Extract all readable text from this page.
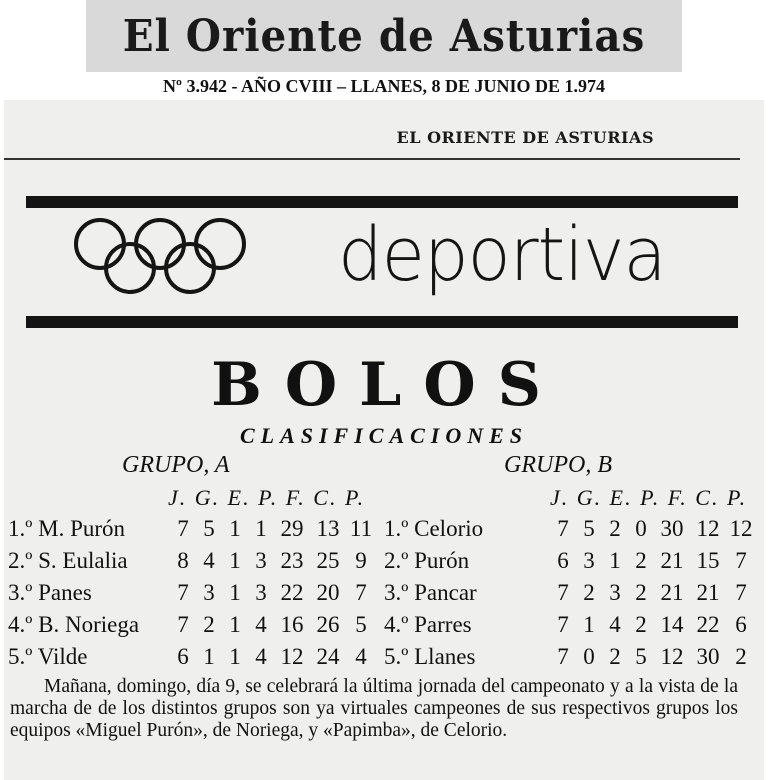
El Oriente de Asturias
Nº 3.942 - AÑO CVIII – LLANES, 8 DE JUNIO DE 1.974
EL ORIENTE DE ASTURIAS
deportiva
BOLOS
CLASIFICACIONES
GRUPO, A	GRUPO, B
J. G. E. P. F. C. P.	J. G. E. P. F. C. P.
1.º M. Purón	7 5 1 1 29 13 11
2.º S. Eulalia	8 4 1 3 23 25 9
3.º Panes	7 3 1 3 22 20 7
4.º B. Noriega	7 2 1 4 16 26 5
5.º Vilde	6 1 1 4 12 24 4
1.º Celorio	7 5 2 0 30 12 12
2.º Purón	6 3 1 2 21 15 7
3.º Pancar	7 2 3 2 21 21 7
4.º Parres	7 1 4 2 14 22 6
5.º Llanes	7 0 2 5 12 30 2

Mañana, domingo, día 9, se celebrará la última jornada del campeonato y a la vista de la marcha de de los distintos grupos son ya virtuales campeones de sus respectivos grupos los equipos «Miguel Purón», de Noriega, y «Papimba», de Celorio.
